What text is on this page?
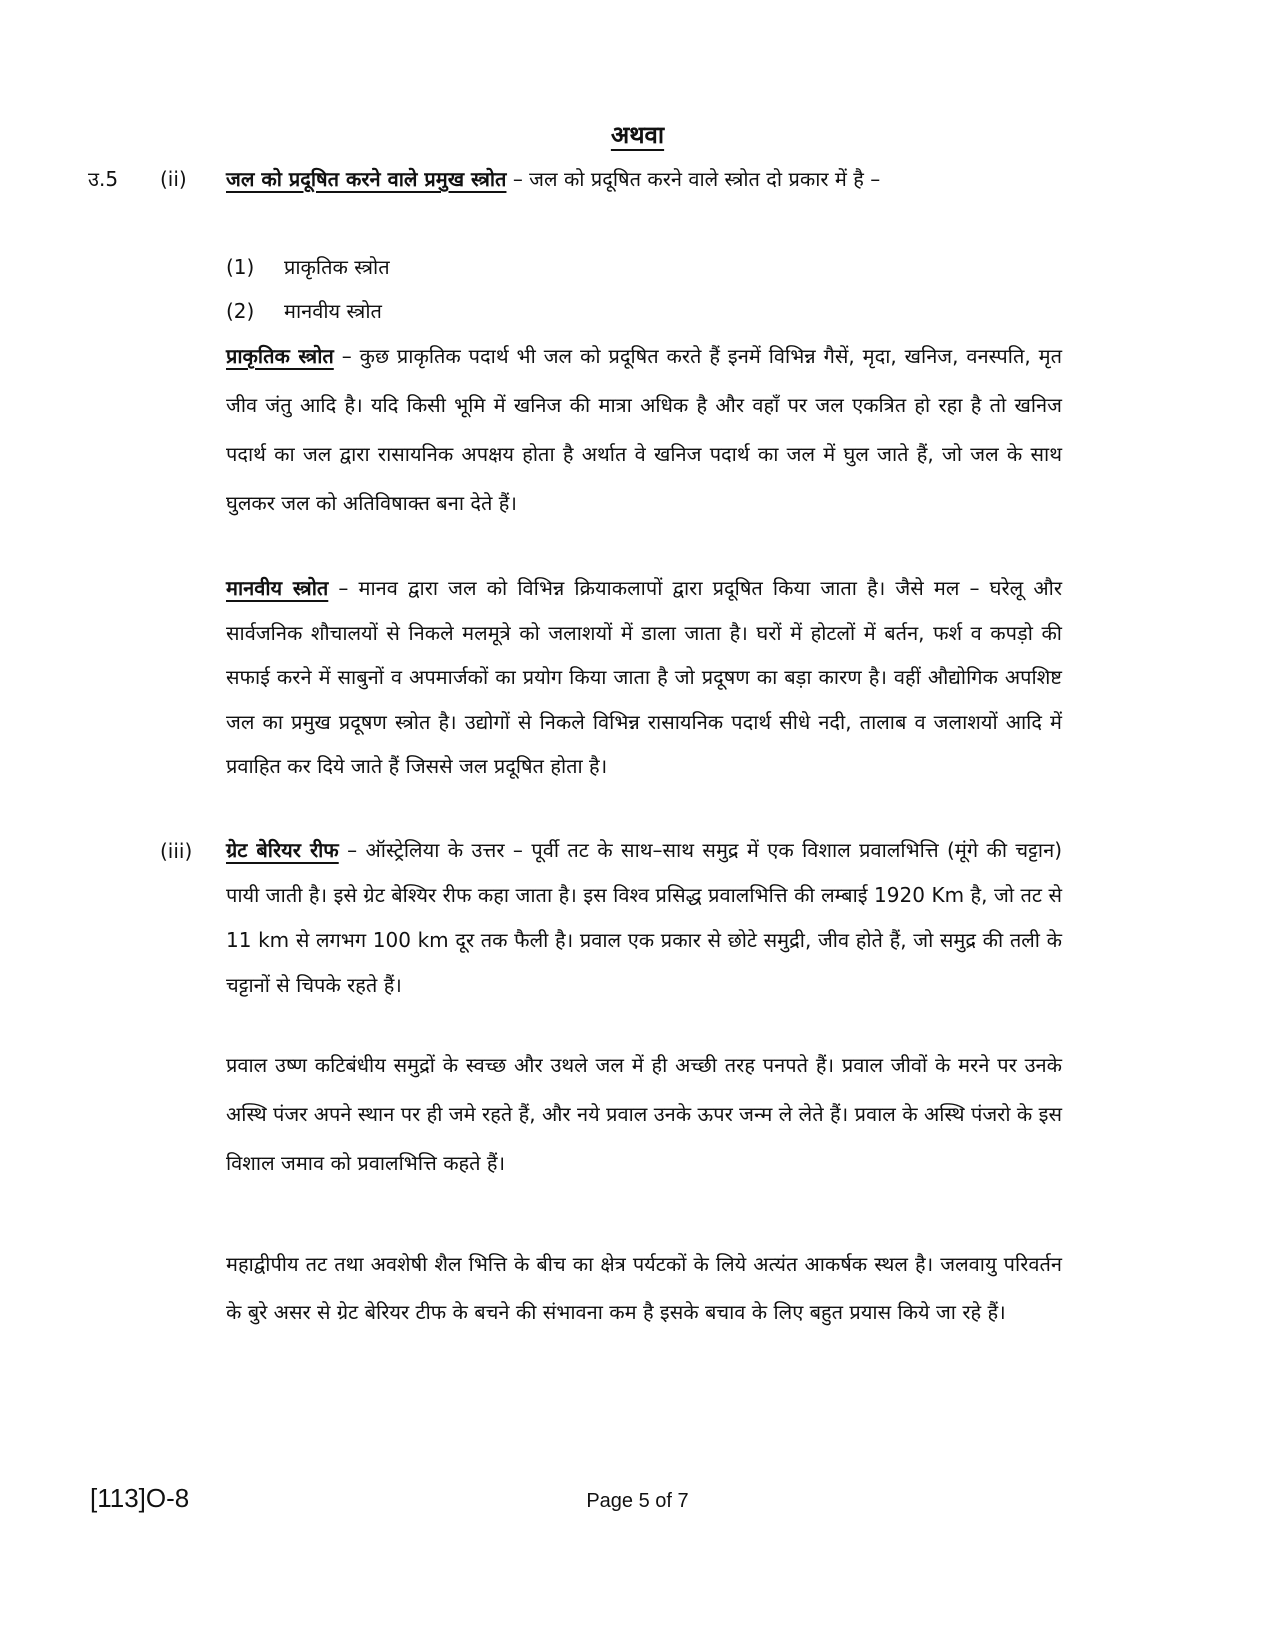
अथवा
उ.5 (ii) जल को प्रदूषित करने वाले प्रमुख स्त्रोत – जल को प्रदूषित करने वाले स्त्रोत दो प्रकार में है –
(1) प्राकृतिक स्त्रोत
(2) मानवीय स्त्रोत
प्राकृतिक स्त्रोत – कुछ प्राकृतिक पदार्थ भी जल को प्रदूषित करते हैं इनमें विभिन्न गैसें, मृदा, खनिज, वनस्पति, मृत जीव जंतु आदि है। यदि किसी भूमि में खनिज की मात्रा अधिक है और वहाँ पर जल एकत्रित हो रहा है तो खनिज पदार्थ का जल द्वारा रासायनिक अपक्षय होता है अर्थात वे खनिज पदार्थ का जल में घुल जाते हैं, जो जल के साथ घुलकर जल को अतिविषाक्त बना देते हैं।
मानवीय स्त्रोत – मानव द्वारा जल को विभिन्न क्रियाकलापों द्वारा प्रदूषित किया जाता है। जैसे मल – घरेलू और सार्वजनिक शौचालयों से निकले मलमूत्रे को जलाशयों में डाला जाता है। घरों में होटलों में बर्तन, फर्श व कपड़ो की सफाई करने में साबुनों व अपमार्जकों का प्रयोग किया जाता है जो प्रदूषण का बड़ा कारण है। वहीं औद्योगिक अपशिष्ट जल का प्रमुख प्रदूषण स्त्रोत है। उद्योगों से निकले विभिन्न रासायनिक पदार्थ सीधे नदी, तालाब व जलाशयों आदि में प्रवाहित कर दिये जाते हैं जिससे जल प्रदूषित होता है।
(iii) ग्रेट बेरियर रीफ – ऑस्ट्रेलिया के उत्तर – पूर्वी तट के साथ–साथ समुद्र में एक विशाल प्रवालभित्ति (मूंगे की चट्टान) पायी जाती है। इसे ग्रेट बेश्यिर रीफ कहा जाता है। इस विश्व प्रसिद्ध प्रवालभित्ति की लम्बाई 1920 Km है, जो तट से 11 km से लगभग 100 km दूर तक फैली है। प्रवाल एक प्रकार से छोटे समुद्री, जीव होते हैं, जो समुद्र की तली के चट्टानों से चिपके रहते हैं।
प्रवाल उष्ण कटिबंधीय समुद्रों के स्वच्छ और उथले जल में ही अच्छी तरह पनपते हैं। प्रवाल जीवों के मरने पर उनके अस्थि पंजर अपने स्थान पर ही जमे रहते हैं, और नये प्रवाल उनके ऊपर जन्म ले लेते हैं। प्रवाल के अस्थि पंजरो के इस विशाल जमाव को प्रवालभित्ति कहते हैं।
महाद्वीपीय तट तथा अवशेषी शैल भित्ति के बीच का क्षेत्र पर्यटकों के लिये अत्यंत आकर्षक स्थल है। जलवायु परिवर्तन के बुरे असर से ग्रेट बेरियर टीफ के बचने की संभावना कम है इसके बचाव के लिए बहुत प्रयास किये जा रहे हैं।
[113]O-8	Page 5 of 7
